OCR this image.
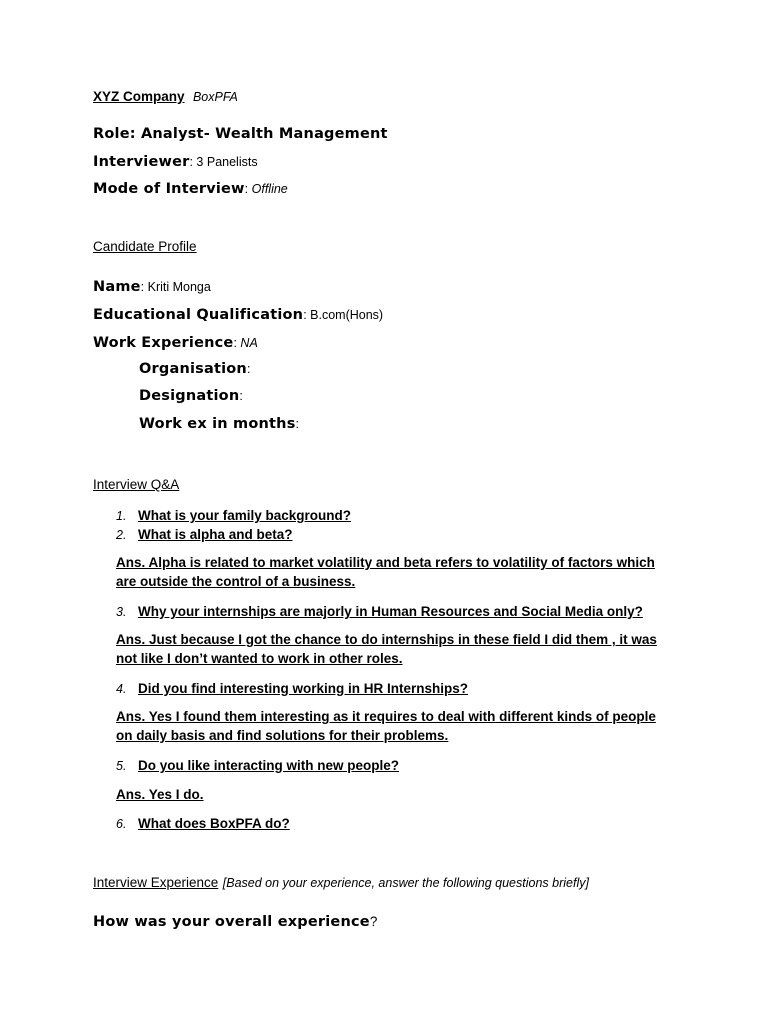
XYZ Company BoxPFA
Role: Analyst- Wealth Management
Interviewer: 3 Panelists
Mode of Interview: Offline
Candidate Profile
Name: Kriti Monga
Educational Qualification: B.com(Hons)
Work Experience: NA
Organisation:
Designation:
Work ex in months:
Interview Q&A
1. What is your family background?
2. What is alpha and beta?
Ans. Alpha is related to market volatility and beta refers to volatility of factors which
are outside the control of a business.
3. Why your internships are majorly in Human Resources and Social Media only?
Ans. Just because I got the chance to do internships in these field I did them , it was
not like I don’t wanted to work in other roles.
4. Did you find interesting working in HR Internships?
Ans. Yes I found them interesting as it requires to deal with different kinds of people
on daily basis and find solutions for their problems.
5. Do you like interacting with new people?
Ans. Yes I do.
6. What does BoxPFA do?
Interview Experience [Based on your experience, answer the following questions briefly]
How was your overall experience?
